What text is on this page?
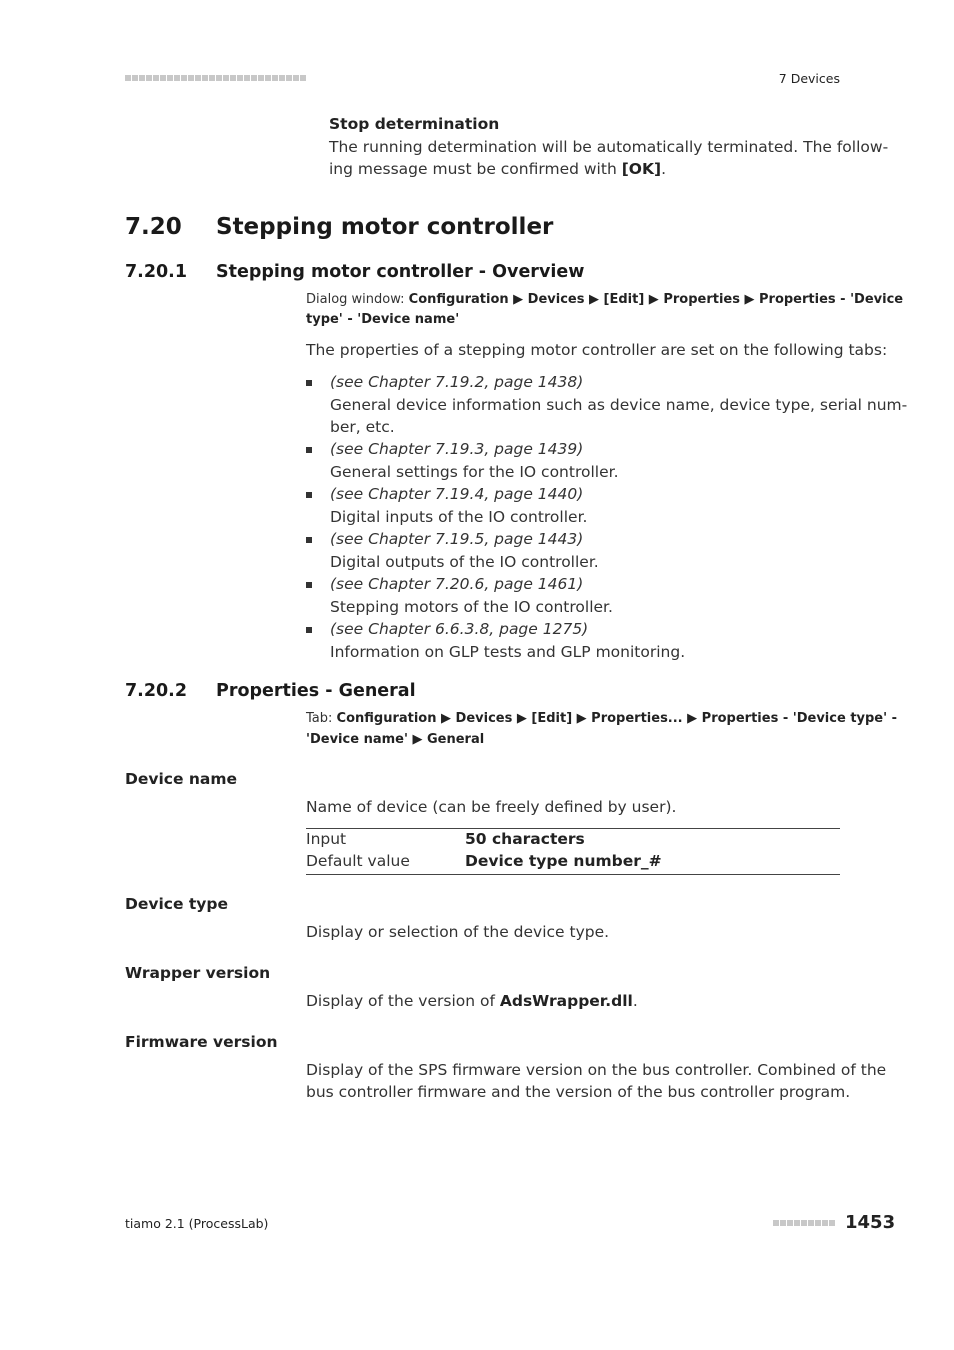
7 Devices
Stop determination
The running determination will be automatically terminated. The follow-
ing message must be confirmed with [OK].
7.20 Stepping motor controller
7.20.1 Stepping motor controller - Overview
Dialog window: Configuration ▶ Devices ▶ [Edit] ▶ Properties ▶ Properties - 'Device
type' - 'Device name'
The properties of a stepping motor controller are set on the following tabs:
(see Chapter 7.19.2, page 1438)
General device information such as device name, device type, serial num-
ber, etc.
(see Chapter 7.19.3, page 1439)
General settings for the IO controller.
(see Chapter 7.19.4, page 1440)
Digital inputs of the IO controller.
(see Chapter 7.19.5, page 1443)
Digital outputs of the IO controller.
(see Chapter 7.20.6, page 1461)
Stepping motors of the IO controller.
(see Chapter 6.6.3.8, page 1275)
Information on GLP tests and GLP monitoring.
7.20.2 Properties - General
Tab: Configuration ▶ Devices ▶ [Edit] ▶ Properties... ▶ Properties - 'Device type' -
'Device name' ▶ General
Device name
Name of device (can be freely defined by user).
Input	50 characters
Default value	Device type number_#
Device type
Display or selection of the device type.
Wrapper version
Display of the version of AdsWrapper.dll.
Firmware version
Display of the SPS firmware version on the bus controller. Combined of the
bus controller firmware and the version of the bus controller program.
tiamo 2.1 (ProcessLab)	1453
